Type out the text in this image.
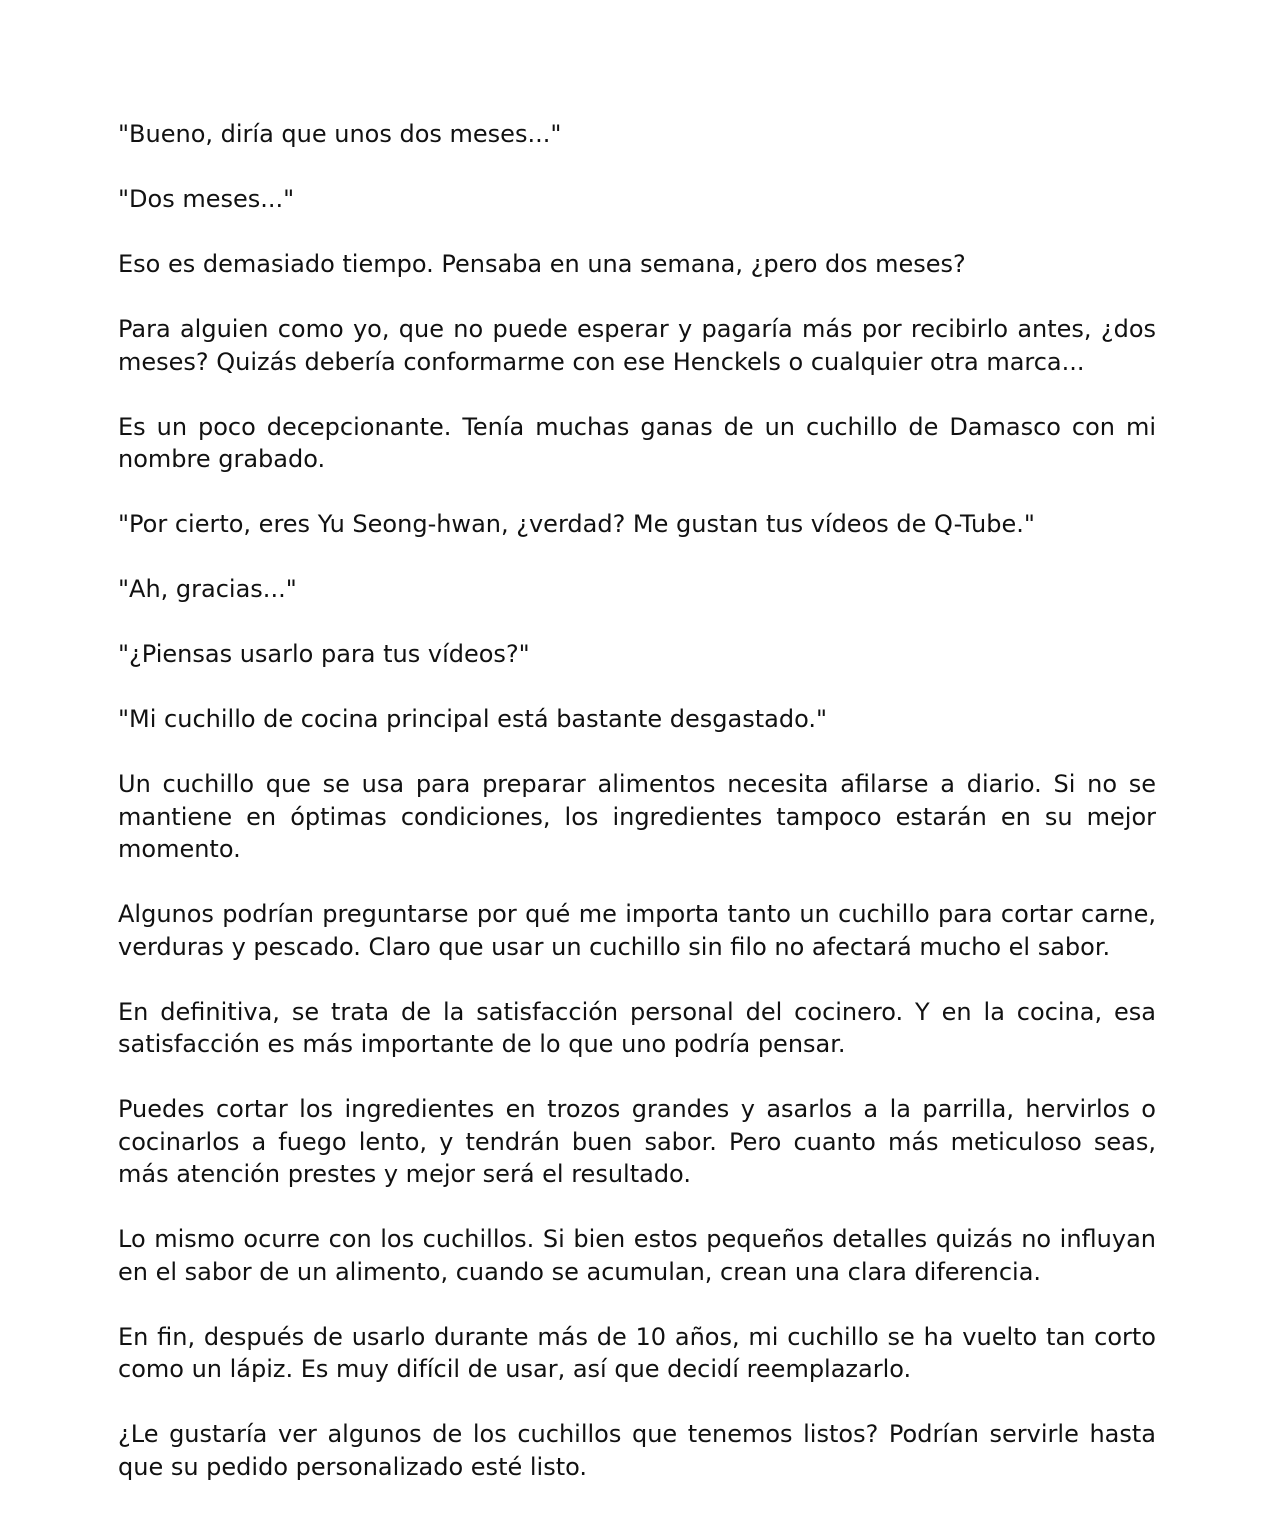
"Bueno, diría que unos dos meses..."

"Dos meses..."

Eso es demasiado tiempo. Pensaba en una semana, ¿pero dos meses?

Para alguien como yo, que no puede esperar y pagaría más por recibirlo antes, ¿dos meses? Quizás debería conformarme con ese Henckels o cualquier otra marca...

Es un poco decepcionante. Tenía muchas ganas de un cuchillo de Damasco con mi nombre grabado.

"Por cierto, eres Yu Seong-hwan, ¿verdad? Me gustan tus vídeos de Q-Tube."

"Ah, gracias..."

"¿Piensas usarlo para tus vídeos?"

"Mi cuchillo de cocina principal está bastante desgastado."

Un cuchillo que se usa para preparar alimentos necesita afilarse a diario. Si no se mantiene en óptimas condiciones, los ingredientes tampoco estarán en su mejor momento.

Algunos podrían preguntarse por qué me importa tanto un cuchillo para cortar carne, verduras y pescado. Claro que usar un cuchillo sin filo no afectará mucho el sabor.

En definitiva, se trata de la satisfacción personal del cocinero. Y en la cocina, esa satisfacción es más importante de lo que uno podría pensar.

Puedes cortar los ingredientes en trozos grandes y asarlos a la parrilla, hervirlos o cocinarlos a fuego lento, y tendrán buen sabor. Pero cuanto más meticuloso seas, más atención prestes y mejor será el resultado.

Lo mismo ocurre con los cuchillos. Si bien estos pequeños detalles quizás no influyan en el sabor de un alimento, cuando se acumulan, crean una clara diferencia.

En fin, después de usarlo durante más de 10 años, mi cuchillo se ha vuelto tan corto como un lápiz. Es muy difícil de usar, así que decidí reemplazarlo.

¿Le gustaría ver algunos de los cuchillos que tenemos listos? Podrían servirle hasta que su pedido personalizado esté listo.
